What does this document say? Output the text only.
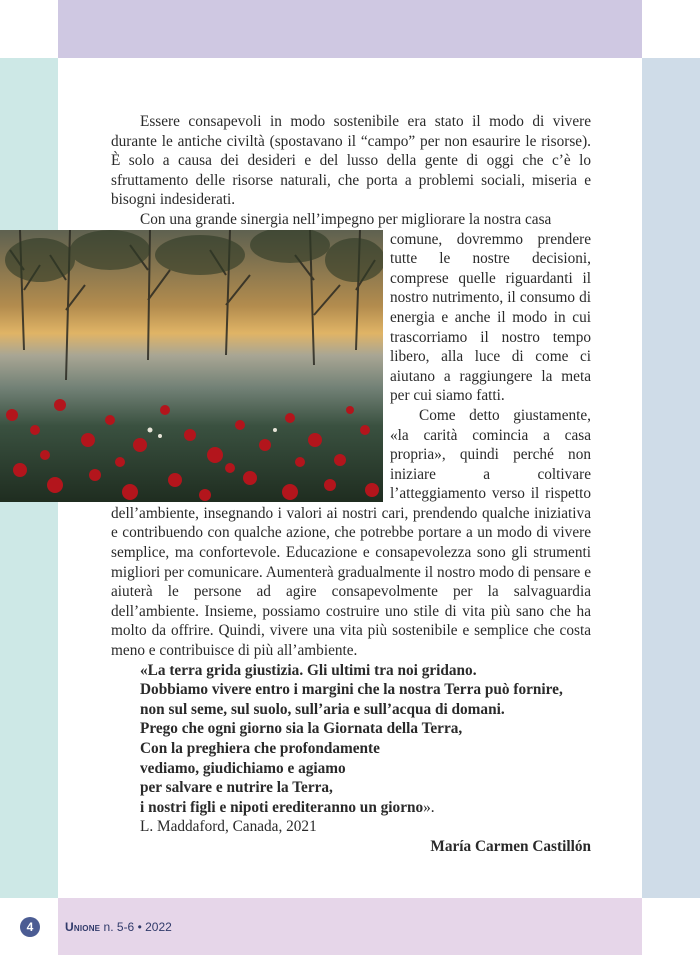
Essere consapevoli in modo sostenibile era stato il modo di vivere durante le antiche civiltà (spostavano il “campo” per non esaurire le risorse). È solo a causa dei desideri e del lusso della gente di oggi che c’è lo sfruttamento delle risorse naturali, che porta a problemi sociali, miseria e bisogni indesiderati.

Con una grande sinergia nell’impegno per migliorare la nostra casa

comune, dovremmo prendere tutte le nostre decisioni, comprese quelle riguardanti il nostro nutrimento, il consumo di energia e anche il modo in cui trascorriamo il nostro tempo libero, alla luce di come ci aiutano a raggiungere la meta per cui siamo fatti.

Come detto giustamente, «la carità comincia a casa propria», quindi perché non iniziare a coltivare l’atteggiamento verso il rispetto dell’ambiente, insegnando i valori ai nostri cari, prendendo qualche iniziativa e contribuendo con qualche azione, che potrebbe portare a un modo di vivere semplice, ma confortevole. Educazione e consapevolezza sono gli strumenti migliori per comunicare. Aumenterà gradualmente il nostro modo di pensare e aiuterà le persone ad agire consapevolmente per la salvaguardia dell’ambiente. Insieme, possiamo costruire uno stile di vita più sano che ha molto da offrire. Quindi, vivere una vita più sostenibile e semplice che costa meno e contribuisce di più all’ambiente.

«La terra grida giustizia. Gli ultimi tra noi gridano.

Dobbiamo vivere entro i margini che la nostra Terra può fornire,

non sul seme, sul suolo, sull’aria e sull’acqua di domani.

Prego che ogni giorno sia la Giornata della Terra,

Con la preghiera che profondamente

vediamo, giudichiamo e agiamo

per salvare e nutrire la Terra,

i nostri figli e nipoti erediteranno un giorno».

L. Maddaford, Canada, 2021

María Carmen Castillón

4	Unione n. 5-6 • 2022
